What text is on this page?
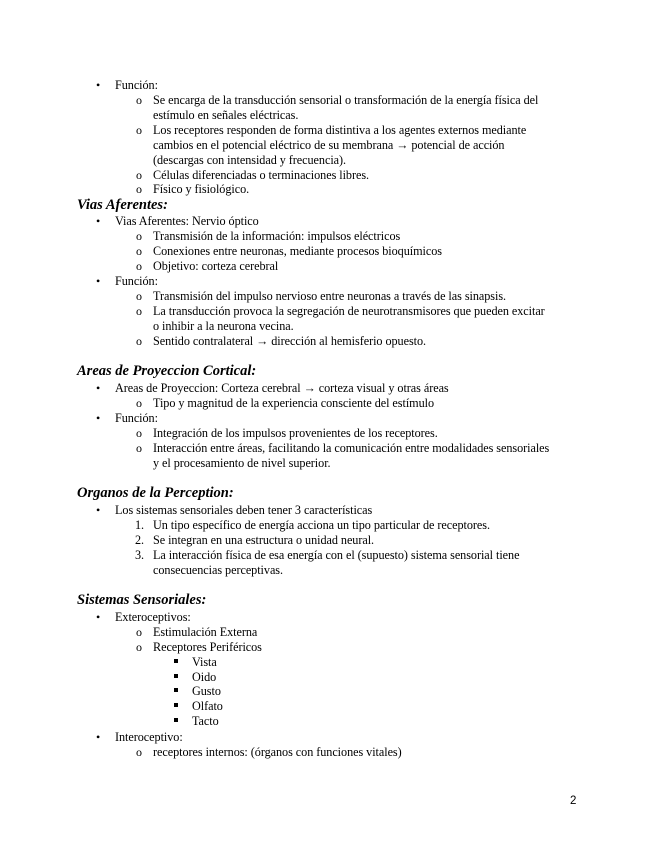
• Función:
o Se encarga de la transducción sensorial o transformación de la energía física del
estímulo en señales eléctricas.
o Los receptores responden de forma distintiva a los agentes externos mediante
cambios en el potencial eléctrico de su membrana → potencial de acción
(descargas con intensidad y frecuencia).
o Células diferenciadas o terminaciones libres.
o Físico y fisiológico.
Vias Aferentes:
• Vias Aferentes: Nervio óptico
o Transmisión de la información: impulsos eléctricos
o Conexiones entre neuronas, mediante procesos bioquímicos
o Objetivo: corteza cerebral
• Función:
o Transmisión del impulso nervioso entre neuronas a través de las sinapsis.
o La transducción provoca la segregación de neurotransmisores que pueden excitar
o inhibir a la neurona vecina.
o Sentido contralateral → dirección al hemisferio opuesto.
Areas de Proyeccion Cortical:
• Areas de Proyeccion: Corteza cerebral → corteza visual y otras áreas
o Tipo y magnitud de la experiencia consciente del estímulo
• Función:
o Integración de los impulsos provenientes de los receptores.
o Interacción entre áreas, facilitando la comunicación entre modalidades sensoriales
y el procesamiento de nivel superior.
Organos de la Perception:
• Los sistemas sensoriales deben tener 3 características
1. Un tipo específico de energía acciona un tipo particular de receptores.
2. Se integran en una estructura o unidad neural.
3. La interacción física de esa energía con el (supuesto) sistema sensorial tiene
consecuencias perceptivas.
Sistemas Sensoriales:
• Exteroceptivos:
o Estimulación Externa
o Receptores Periféricos
Vista
Oido
Gusto
Olfato
Tacto
• Interoceptivo:
o receptores internos: (órganos con funciones vitales)
2
